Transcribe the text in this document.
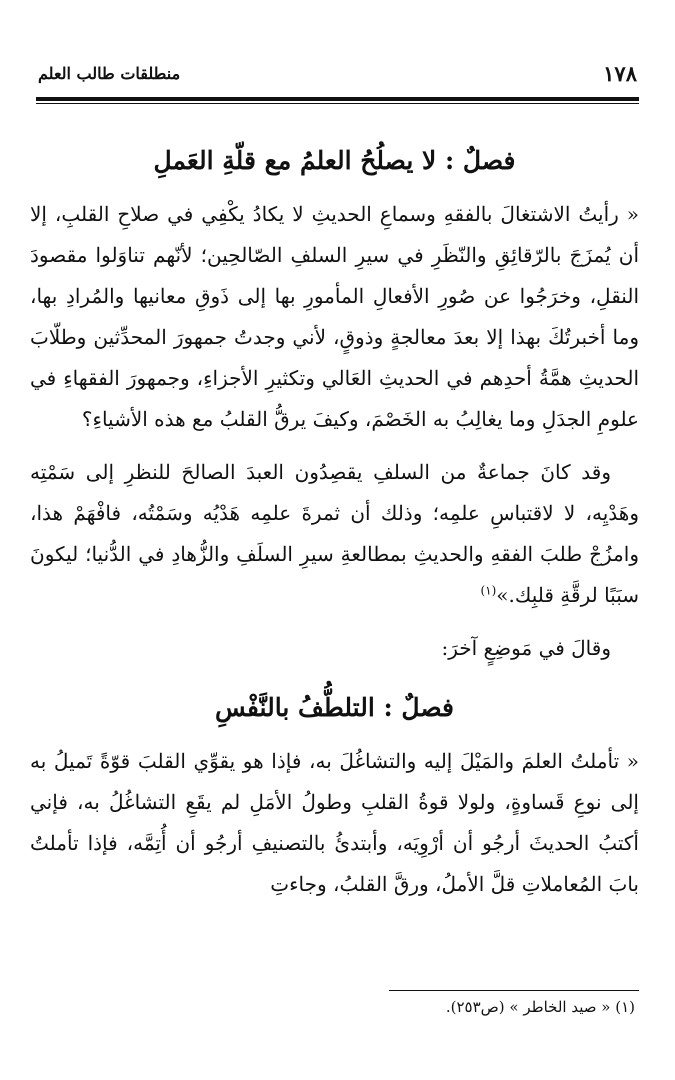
١٧٨
منطلقات طالب العلم
فصلٌ : لا يصلُحُ العلمُ مع قلّةِ العَملِ

« رأيتُ الاشتغالَ بالفقهِ وسماعِ الحديثِ لا يكادُ يكْفِي في صلاحِ القلبِ، إلا أن يُمزَجَ بالرّقائِقِ والنّظَرِ في سيرِ السلفِ الصّالحِين؛ لأنّهم تناوَلوا مقصودَ النقلِ، وخرَجُوا عن صُورِ الأفعالِ المأمورِ بها إلى ذَوقِ معانيها والمُرادِ بها، وما أخبرتُكَ بهذا إلا بعدَ معالجةٍ وذوقٍ، لأني وجدتُ جمهورَ المحدِّثين وطلّابَ الحديثِ همَّةُ أحدِهم في الحديثِ العَالي وتكثيرِ الأجزاءِ، وجمهورَ الفقهاءِ في علومِ الجدَلِ وما يغالِبُ به الخَصْمَ، وكيفَ يرقُّ القلبُ مع هذه الأشياءِ؟

وقد كانَ جماعةٌ من السلفِ يقصِدُون العبدَ الصالحَ للنظرِ إلى سَمْتِه وهَدْيِه، لا لاقتباسِ علمِه؛ وذلك أن ثمرةَ علمِه هَدْيُه وسَمْتُه، فافْهَمْ هذا، وامزُجْ طلبَ الفقهِ والحديثِ بمطالعةِ سيرِ السلَفِ والزُّهادِ في الدُّنيا؛ ليكونَ سبَبًا لرقَّةِ قلبِك.»$^{(١)}$

وقالَ في مَوضِعٍ آخرَ:

فصلٌ : التلطُّفُ بالنَّفْسِ

« تأملتُ العلمَ والمَيْلَ إليه والتشاغُلَ به، فإذا هو يقوِّي القلبَ قوّةً تَميلُ به إلى نوعِ قَساوةٍ، ولولا قوةُ القلبِ وطولُ الأمَلِ لم يقَعِ التشاغُلُ به، فإني أكتبُ الحديثَ أرجُو أن أرْوِيَه، وأبتدئُ بالتصنيفِ أرجُو أن أُتِمَّه، فإذا تأملتُ بابَ المُعاملاتِ قلَّ الأملُ، ورقَّ القلبُ، وجاءتِ

(١) « صيد الخاطر » (ص٢٥٣).
